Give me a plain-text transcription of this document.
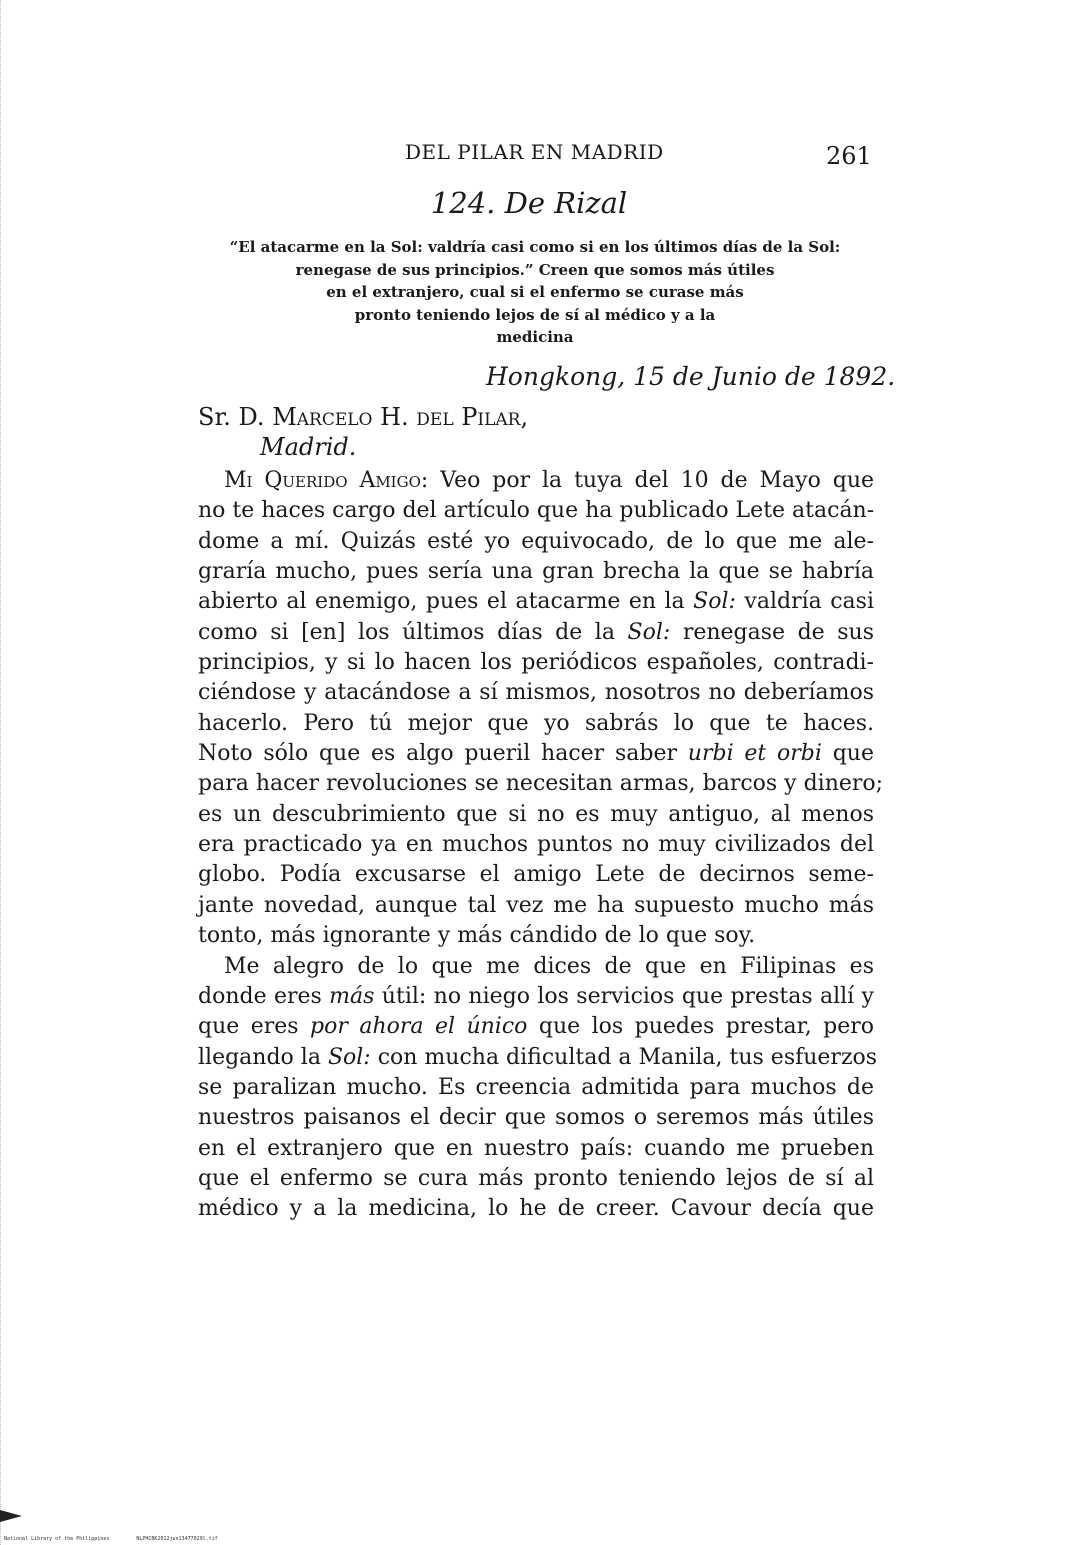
DEL PILAR EN MADRID	261
124. De Rizal
“El atacarme en la Sol: valdría casi como si en los últimos días de la Sol:
renegase de sus principios.” Creen que somos más útiles
en el extranjero, cual si el enfermo se curase más
pronto teniendo lejos de sí al médico y a la
medicina
Hongkong, 15 de Junio de 1892.
Sr. D. Marcelo H. del Pilar,
Madrid.
Mi Querido Amigo: Veo por la tuya del 10 de Mayo que
no te haces cargo del artículo que ha publicado Lete atacán-
dome a mí. Quizás esté yo equivocado, de lo que me ale-
graría mucho, pues sería una gran brecha la que se habría
abierto al enemigo, pues el atacarme en la Sol: valdría casi
como si [en] los últimos días de la Sol: renegase de sus
principios, y si lo hacen los periódicos españoles, contradi-
ciéndose y atacándose a sí mismos, nosotros no deberíamos
hacerlo. Pero tú mejor que yo sabrás lo que te haces.
Noto sólo que es algo pueril hacer saber urbi et orbi que
para hacer revoluciones se necesitan armas, barcos y dinero;
es un descubrimiento que si no es muy antiguo, al menos
era practicado ya en muchos puntos no muy civilizados del
globo. Podía excusarse el amigo Lete de decirnos seme-
jante novedad, aunque tal vez me ha supuesto mucho más
tonto, más ignorante y más cándido de lo que soy.
Me alegro de lo que me dices de que en Filipinas es
donde eres más útil: no niego los servicios que prestas allí y
que eres por ahora el único que los puedes prestar, pero
llegando la Sol: con mucha dificultad a Manila, tus esfuerzos
se paralizan mucho. Es creencia admitida para muchos de
nuestros paisanos el decir que somos o seremos más útiles
en el extranjero que en nuestro país: cuando me prueben
que el enfermo se cura más pronto teniendo lejos de sí al
médico y a la medicina, lo he de creer. Cavour decía que
National Library of the Philippines	NLPHCBK2012jun13477029l.tif
